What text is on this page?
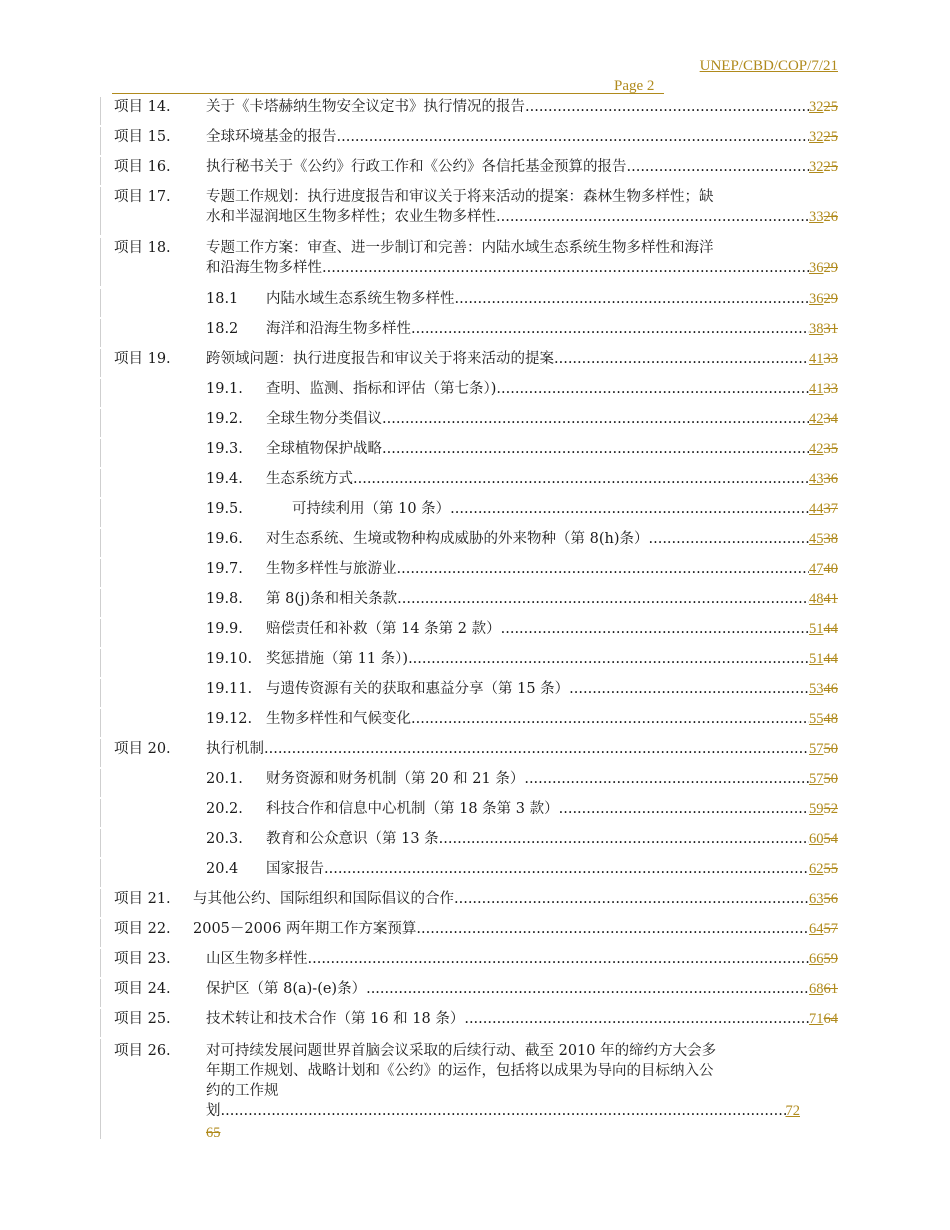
UNEP/CBD/COP/7/21
Page 2
项目 14. 关于《卡塔赫纳生物安全议定书》执行情况的报告 .....	3225
项目 15. 全球环境基金的报告 .....	3225
项目 16. 执行秘书关于《公约》行政工作和《公约》各信托基金预算的报告 .....	3225
项目 17. 专题工作规划：执行进度报告和审议关于将来活动的提案：森林生物多样性；缺
水和半湿润地区生物多样性；农业生物多样性 .....	3326
项目 18. 专题工作方案：审查、进一步制订和完善：内陆水域生态系统生物多样性和海洋
和沿海生物多样性 .....	3629
18.1 内陆水域生态系统生物多样性 .....	3629
18.2 海洋和沿海生物多样性 .....	3831
项目 19. 跨领域问题：执行进度报告和审议关于将来活动的提案 .....	4133
19.1. 查明、监测、指标和评估（第七条）) .....	4133
19.2. 全球生物分类倡议 .....	4234
19.3. 全球植物保护战略 .....	4235
19.4. 生态系统方式 .....	4336
19.5.	可持续利用（第 10 条） .....	4437
19.6. 对生态系统、生境或物种构成威胁的外来物种（第 8(h)条） .....	4538
19.7. 生物多样性与旅游业 .....	4740
19.8. 第 8(j)条和相关条款 .....	4841
19.9. 赔偿责任和补救（第 14 条第 2 款） .....	5144
19.10. 奖惩措施（第 11 条）) .....	5144
19.11. 与遗传资源有关的获取和惠益分享（第 15 条） .....	5346
19.12. 生物多样性和气候变化 .....	5548
项目 20. 执行机制 .....	5750
20.1. 财务资源和财务机制（第 20 和 21 条） .....	5750
20.2. 科技合作和信息中心机制（第 18 条第 3 款） .....	5952
20.3. 教育和公众意识（第 13 条 .....	6054
20.4 国家报告 .....	6255
项目 21. 与其他公约、国际组织和国际倡议的合作 .....	6356
项目 22. 2005－2006 两年期工作方案预算 .....	6457
项目 23. 山区生物多样性 .....	6659
项目 24. 保护区（第 8(a)-(e)条） .....	6861
项目 25. 技术转让和技术合作（第 16 和 18 条） .....	7164
项目 26. 对可持续发展问题世界首脑会议采取的后续行动、截至 2010 年的缔约方大会多
年期工作规划、战略计划和《公约》的运作，包括将以成果为导向的目标纳入公
约的工作规
划 .....	72
65
